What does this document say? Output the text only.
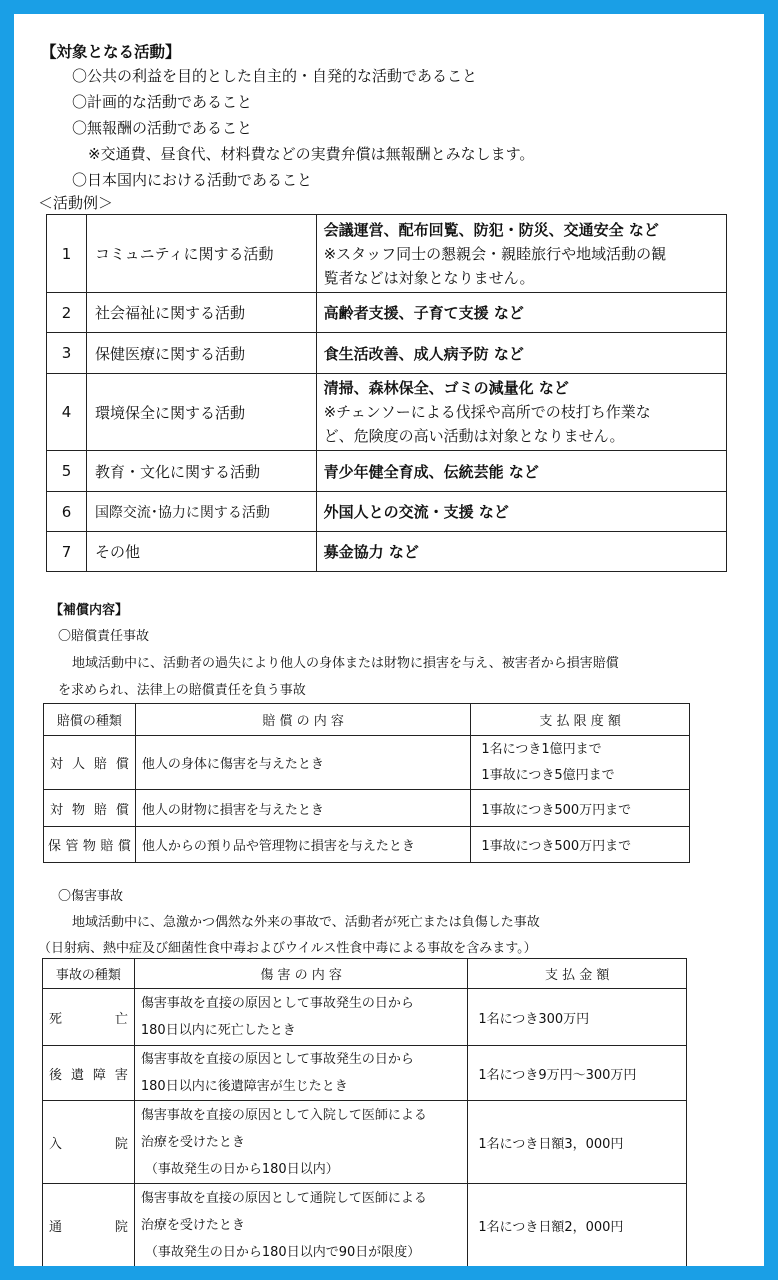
【対象となる活動】
〇公共の利益を目的とした自主的・自発的な活動であること
〇計画的な活動であること
〇無報酬の活動であること
※交通費、昼食代、材料費などの実費弁償は無報酬とみなします。
〇日本国内における活動であること
＜活動例＞
1	コミュニティに関する活動	会議運営、配布回覧、防犯・防災、交通安全 など
※スタッフ同士の懇親会・親睦旅行や地域活動の観
覧者などは対象となりません。

2	社会福祉に関する活動	高齢者支援、子育て支援 など
3	保健医療に関する活動	食生活改善、成人病予防 など
4	環境保全に関する活動	清掃、森林保全、ゴミの減量化 など
※チェンソーによる伐採や高所での枝打ち作業な
ど、危険度の高い活動は対象となりません。

5	教育・文化に関する活動	青少年健全育成、伝統芸能 など
6	国際交流･協力に関する活動	外国人との交流・支援 など
7	その他	募金協力 など
【補償内容】
〇賠償責任事故
地域活動中に、活動者の過失により他人の身体または財物に損害を与え、被害者から損害賠償
を求められ、法律上の賠償責任を負う事故
賠償の種類	賠 償 の 内 容	支 払 限 度 額

対人賠償	他人の身体に傷害を与えたとき	1名につき1億円まで
1事故につき5億円まで

対物賠償	他人の財物に損害を与えたとき	1事故につき500万円まで

保管物賠償	他人からの預り品や管理物に損害を与えたとき	1事故につき500万円まで
〇傷害事故
地域活動中に、急激かつ偶然な外来の事故で、活動者が死亡または負傷した事故
（日射病、熱中症及び細菌性食中毒およびウイルス性食中毒による事故を含みます。）
事故の種類	傷 害 の 内 容	支 払 金 額

死亡	傷害事故を直接の原因として事故発生の日から
180日以内に死亡したとき	1名につき300万円

後遺障害	傷害事故を直接の原因として事故発生の日から
180日以内に後遺障害が生じたとき	1名につき9万円～300万円

入院	傷害事故を直接の原因として入院して医師による
治療を受けたとき
（事故発生の日から180日以内）	1名につき日額3，000円

通院	傷害事故を直接の原因として通院して医師による
治療を受けたとき
（事故発生の日から180日以内で90日が限度）	1名につき日額2，000円
